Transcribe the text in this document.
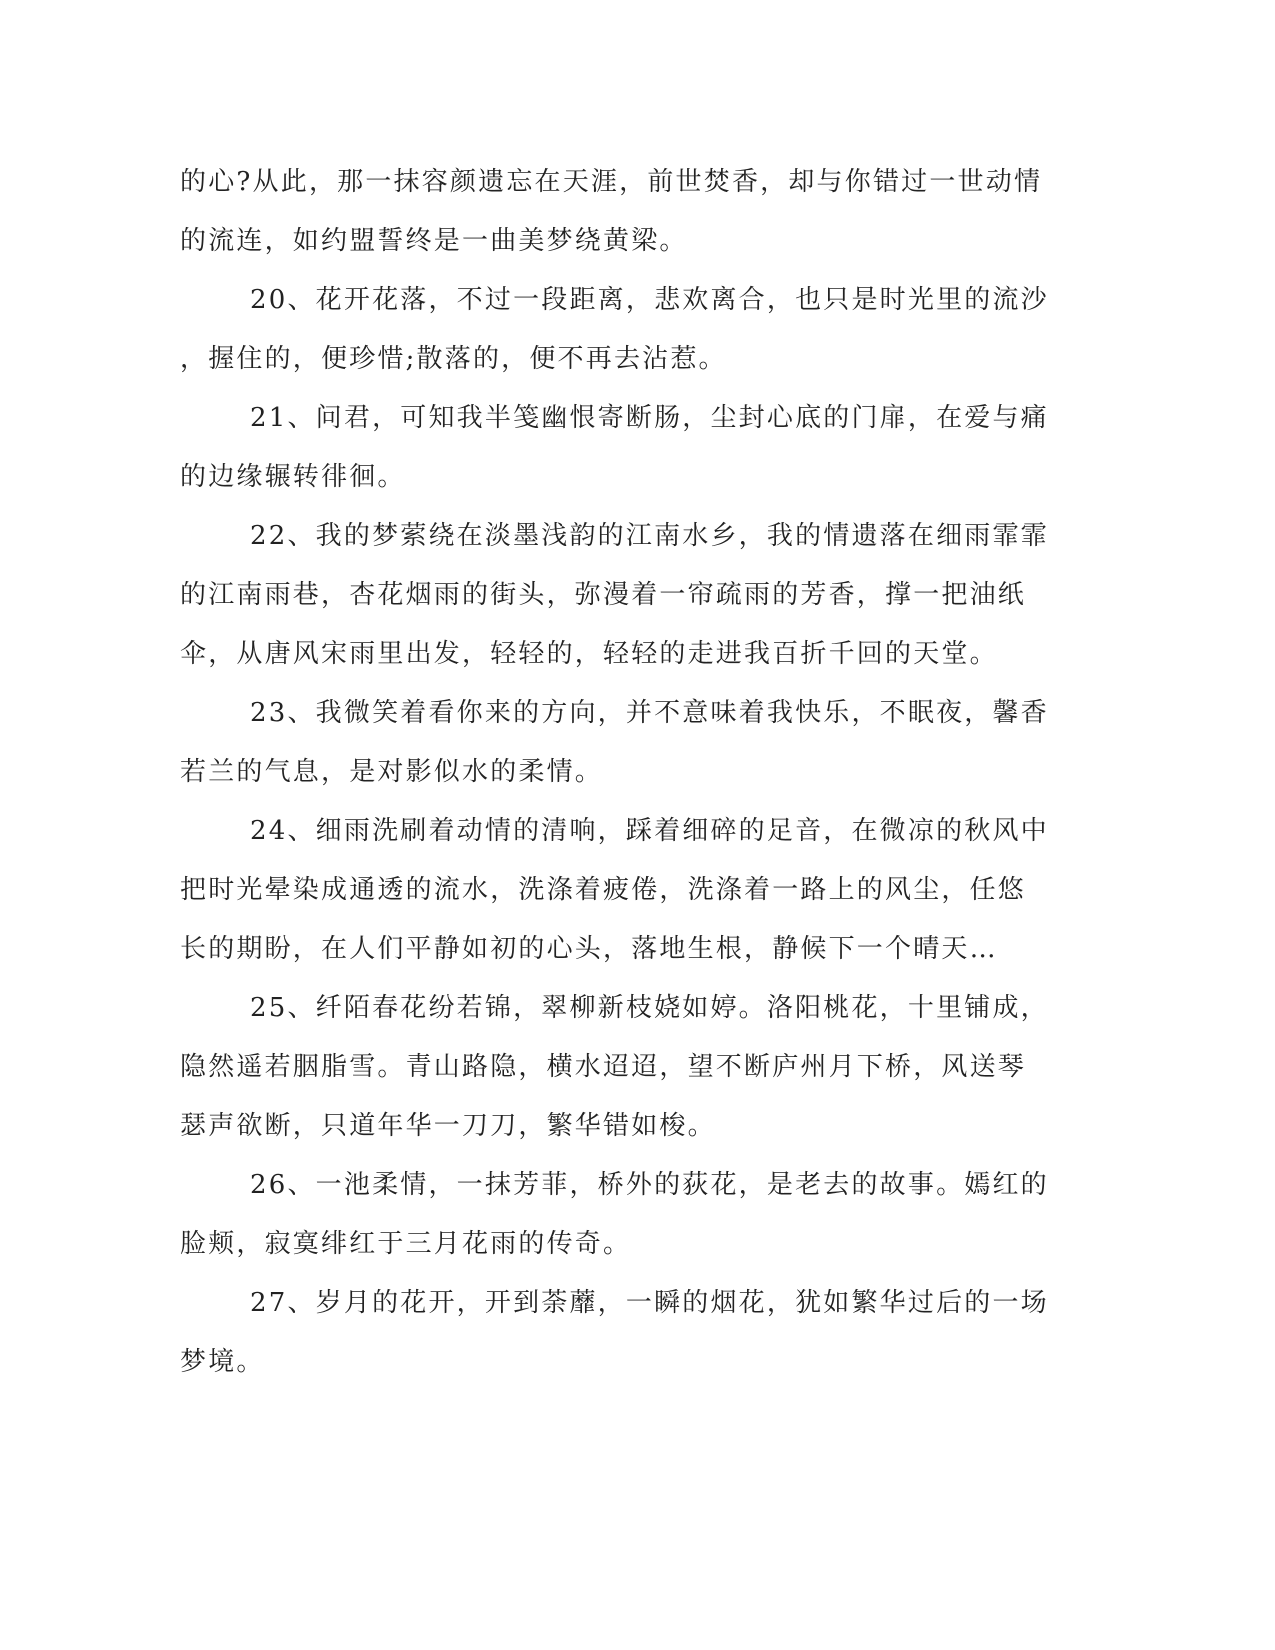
的心?从此，那一抹容颜遗忘在天涯，前世焚香，却与你错过一世动情
的流连，如约盟誓终是一曲美梦绕黄梁。
20、花开花落，不过一段距离，悲欢离合，也只是时光里的流沙
，握住的，便珍惜;散落的，便不再去沾惹。
21、问君，可知我半笺幽恨寄断肠，尘封心底的门扉，在爱与痛
的边缘辗转徘徊。
22、我的梦萦绕在淡墨浅韵的江南水乡，我的情遗落在细雨霏霏
的江南雨巷，杏花烟雨的街头，弥漫着一帘疏雨的芳香，撑一把油纸
伞，从唐风宋雨里出发，轻轻的，轻轻的走进我百折千回的天堂。
23、我微笑着看你来的方向，并不意味着我快乐，不眠夜，馨香
若兰的气息，是对影似水的柔情。
24、细雨洗刷着动情的清响，踩着细碎的足音，在微凉的秋风中
把时光晕染成通透的流水，洗涤着疲倦，洗涤着一路上的风尘，任悠
长的期盼，在人们平静如初的心头，落地生根，静候下一个晴天…
25、纤陌春花纷若锦，翠柳新枝娆如婷。洛阳桃花，十里铺成，
隐然遥若胭脂雪。青山路隐，横水迢迢，望不断庐州月下桥，风送琴
瑟声欲断，只道年华一刀刀，繁华错如梭。
26、一池柔情，一抹芳菲，桥外的荻花，是老去的故事。嫣红的
脸颊，寂寞绯红于三月花雨的传奇。
27、岁月的花开，开到荼蘼，一瞬的烟花，犹如繁华过后的一场
梦境。
